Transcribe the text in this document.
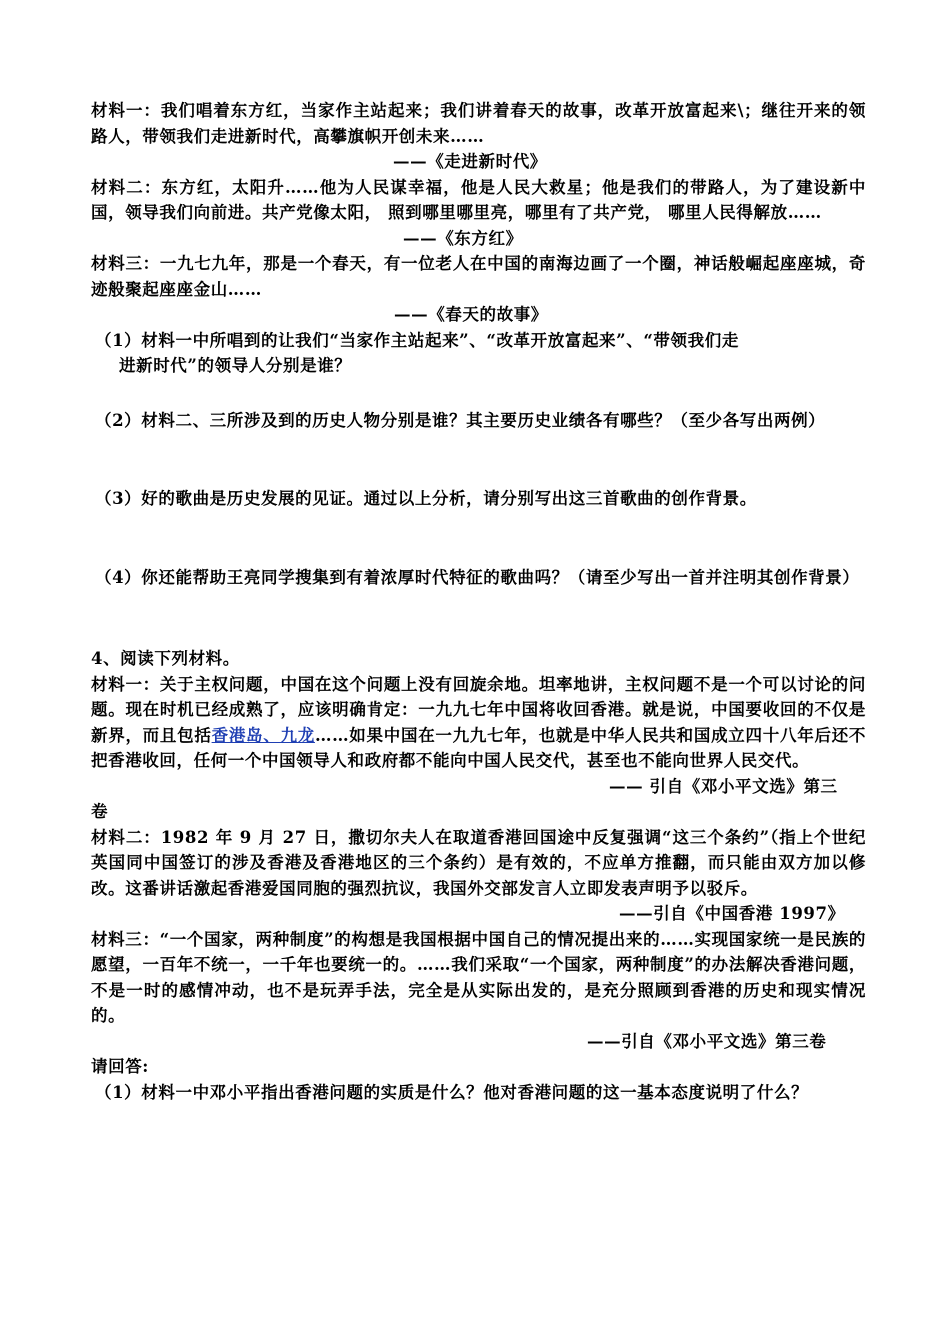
材料一：我们唱着东方红，当家作主站起来；我们讲着春天的故事，改革开放富起来\；继往开来的领路人，带领我们走进新时代，高攀旗帜开创未来……

——《走进新时代》

材料二：东方红，太阳升……他为人民谋幸福，他是人民大救星；他是我们的带路人，为了建设新中国，领导我们向前进。共产党像太阳， 照到哪里哪里亮，哪里有了共产党， 哪里人民得解放……

——《东方红》

材料三：一九七九年，那是一个春天，有一位老人在中国的南海边画了一个圈，神话般崛起座座城，奇迹般聚起座座金山……

——《春天的故事》

（1）材料一中所唱到的让我们“当家作主站起来”、“改革开放富起来”、“带领我们走

进新时代”的领导人分别是谁？

（2）材料二、三所涉及到的历史人物分别是谁？其主要历史业绩各有哪些？（至少各写出两例）

（3）好的歌曲是历史发展的见证。通过以上分析，请分别写出这三首歌曲的创作背景。

（4）你还能帮助王亮同学搜集到有着浓厚时代特征的歌曲吗？（请至少写出一首并注明其创作背景）

4、阅读下列材料。

材料一：关于主权问题，中国在这个问题上没有回旋余地。坦率地讲，主权问题不是一个可以讨论的问题。现在时机已经成熟了，应该明确肯定：一九九七年中国将收回香港。就是说，中国要收回的不仅是新界，而且包括香港岛、九龙……如果中国在一九九七年，也就是中华人民共和国成立四十八年后还不把香港收回，任何一个中国领导人和政府都不能向中国人民交代，甚至也不能向世界人民交代。

—— 引自《邓小平文选》第三

卷

材料二：1982 年 9 月 27 日，撒切尔夫人在取道香港回国途中反复强调“这三个条约”（指上个世纪英国同中国签订的涉及香港及香港地区的三个条约）是有效的，不应单方推翻，而只能由双方加以修改。这番讲话激起香港爱国同胞的强烈抗议，我国外交部发言人立即发表声明予以驳斥。

——引自《中国香港 1997》

材料三：“一个国家，两种制度”的构想是我国根据中国自己的情况提出来的……实现国家统一是民族的愿望，一百年不统一，一千年也要统一的。……我们采取“一个国家，两种制度”的办法解决香港问题，不是一时的感情冲动，也不是玩弄手法，完全是从实际出发的，是充分照顾到香港的历史和现实情况的。

——引自《邓小平文选》第三卷

请回答:

（1）材料一中邓小平指出香港问题的实质是什么？他对香港问题的这一基本态度说明了什么？
